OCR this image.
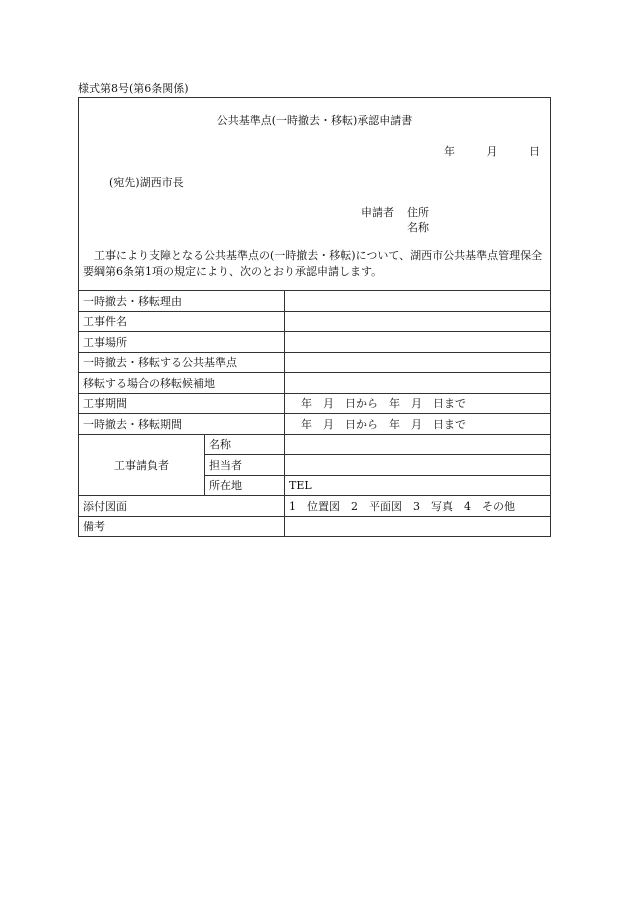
様式第8号(第6条関係)
公共基準点(一時撤去・移転)承認申請書
年	月	日
(宛先)湖西市長
申請者 住所
名称
工事により支障となる公共基準点の(一時撤去・移転)について、湖西市公共基準点管理保全要綱第6条第1項の規定により、次のとおり承認申請します。
一時撤去・移転理由		
工事件名		
工事場所		
一時撤去・移転する公共基準点		
移転する場合の移転候補地		
工事期間		年　月　日から　年　月　日まで
一時撤去・移転期間		年　月　日から　年　月　日まで
工事請負者	名称	
	担当者	
	所在地	TEL
添付図面		1　位置図　2　平面図　3　写真　4　その他
備考		
